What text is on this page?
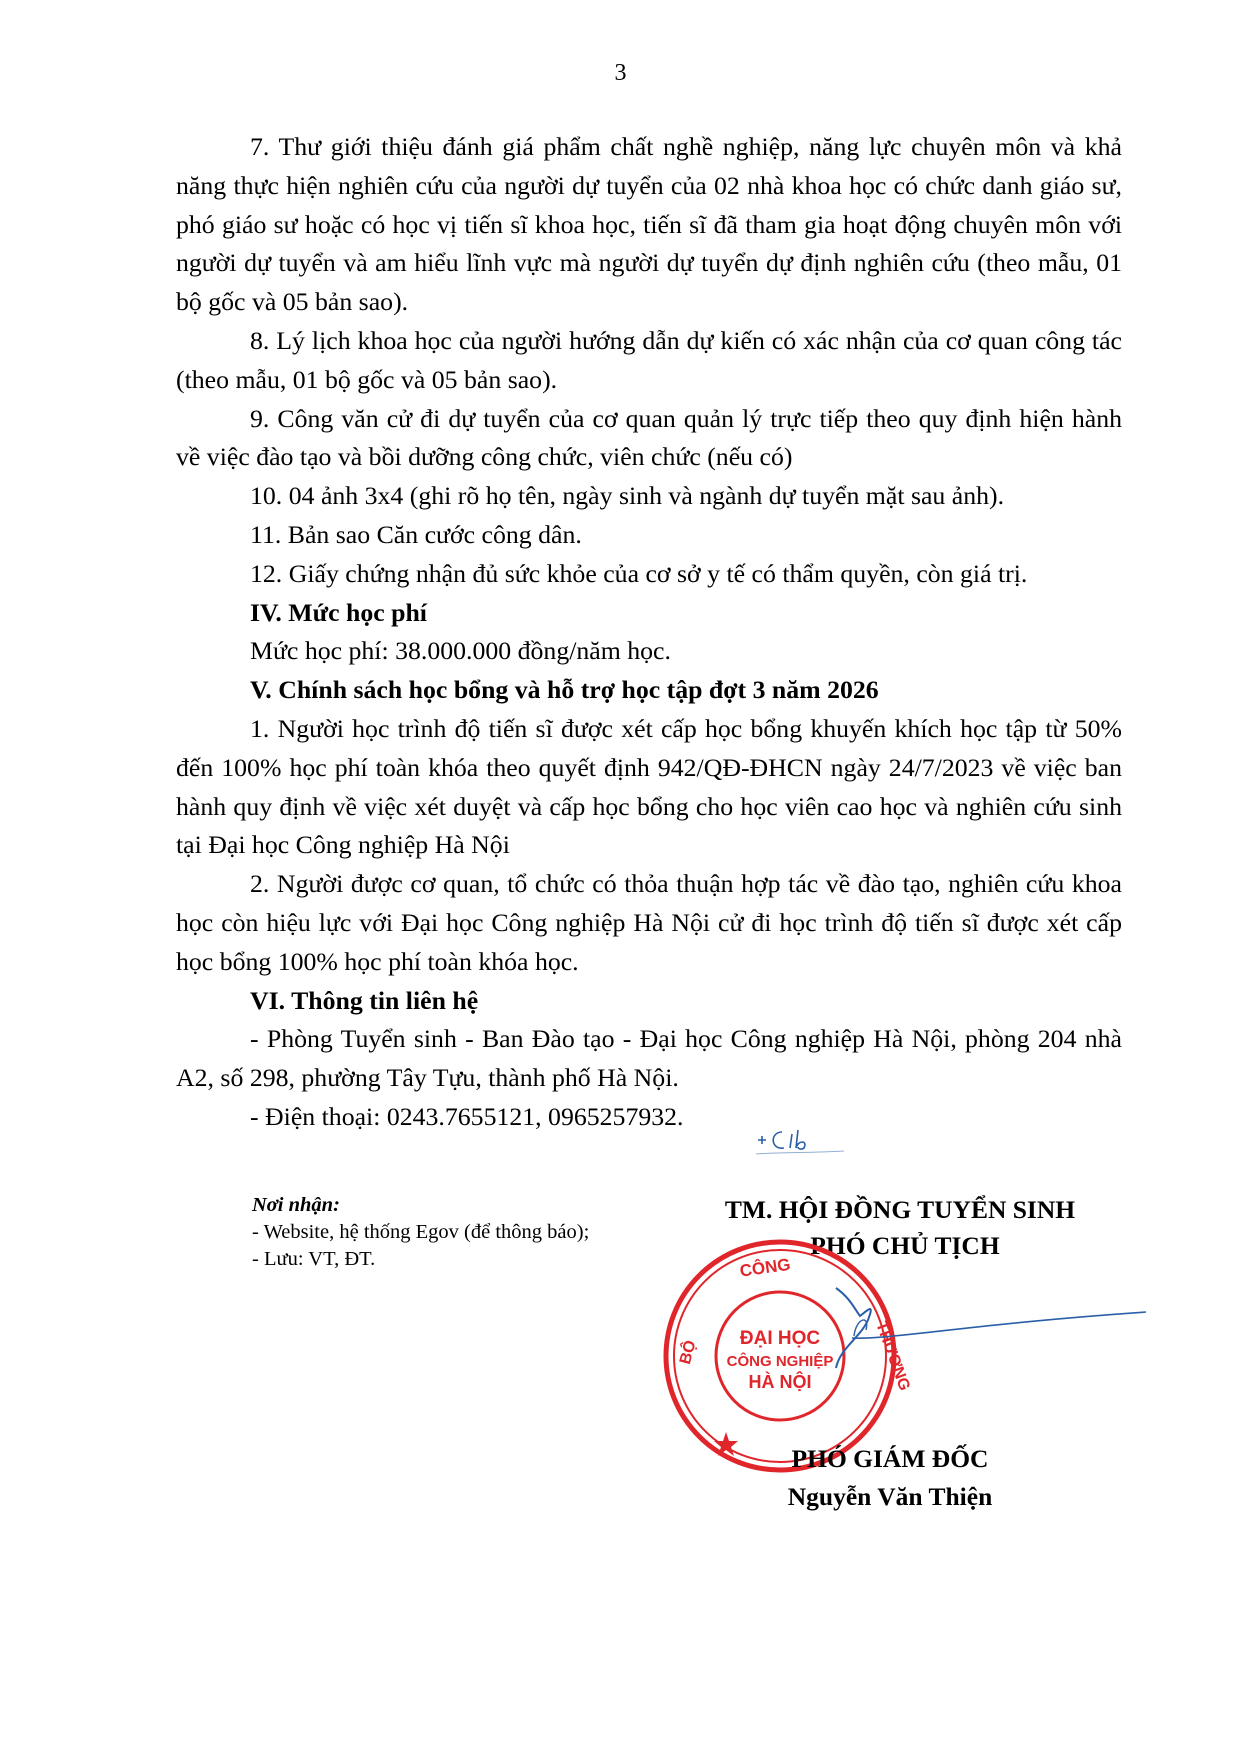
3

7. Thư giới thiệu đánh giá phẩm chất nghề nghiệp, năng lực chuyên môn và khả năng thực hiện nghiên cứu của người dự tuyển của 02 nhà khoa học có chức danh giáo sư, phó giáo sư hoặc có học vị tiến sĩ khoa học, tiến sĩ đã tham gia hoạt động chuyên môn với người dự tuyển và am hiểu lĩnh vực mà người dự tuyển dự định nghiên cứu (theo mẫu, 01 bộ gốc và 05 bản sao).

8. Lý lịch khoa học của người hướng dẫn dự kiến có xác nhận của cơ quan công tác (theo mẫu, 01 bộ gốc và 05 bản sao).

9. Công văn cử đi dự tuyển của cơ quan quản lý trực tiếp theo quy định hiện hành về việc đào tạo và bồi dưỡng công chức, viên chức (nếu có)

10. 04 ảnh 3x4 (ghi rõ họ tên, ngày sinh và ngành dự tuyển mặt sau ảnh).

11. Bản sao Căn cước công dân.

12. Giấy chứng nhận đủ sức khỏe của cơ sở y tế có thẩm quyền, còn giá trị.

IV. Mức học phí

Mức học phí: 38.000.000 đồng/năm học.

V. Chính sách học bổng và hỗ trợ học tập đợt 3 năm 2026

1. Người học trình độ tiến sĩ được xét cấp học bổng khuyến khích học tập từ 50% đến 100% học phí toàn khóa theo quyết định 942/QĐ-ĐHCN ngày 24/7/2023 về việc ban hành quy định về việc xét duyệt và cấp học bổng cho học viên cao học và nghiên cứu sinh tại Đại học Công nghiệp Hà Nội

2. Người được cơ quan, tổ chức có thỏa thuận hợp tác về đào tạo, nghiên cứu khoa học còn hiệu lực với Đại học Công nghiệp Hà Nội cử đi học trình độ tiến sĩ được xét cấp học bổng 100% học phí toàn khóa học.

VI. Thông tin liên hệ

- Phòng Tuyển sinh - Ban Đào tạo - Đại học Công nghiệp Hà Nội, phòng 204 nhà A2, số 298, phường Tây Tựu, thành phố Hà Nội.

- Điện thoại: 0243.7655121, 0965257932.

Nơi nhận:
- Website, hệ thống Egov (để thông báo);
- Lưu: VT, ĐT.
TM. HỘI ĐỒNG TUYỂN SINH
PHÓ CHỦ TỊCH
CÔNG
THƯƠNG
BỘ
ĐẠI HỌC
CÔNG NGHIỆP
HÀ NỘI
PHÓ GIÁM ĐỐC
Nguyễn Văn Thiện
